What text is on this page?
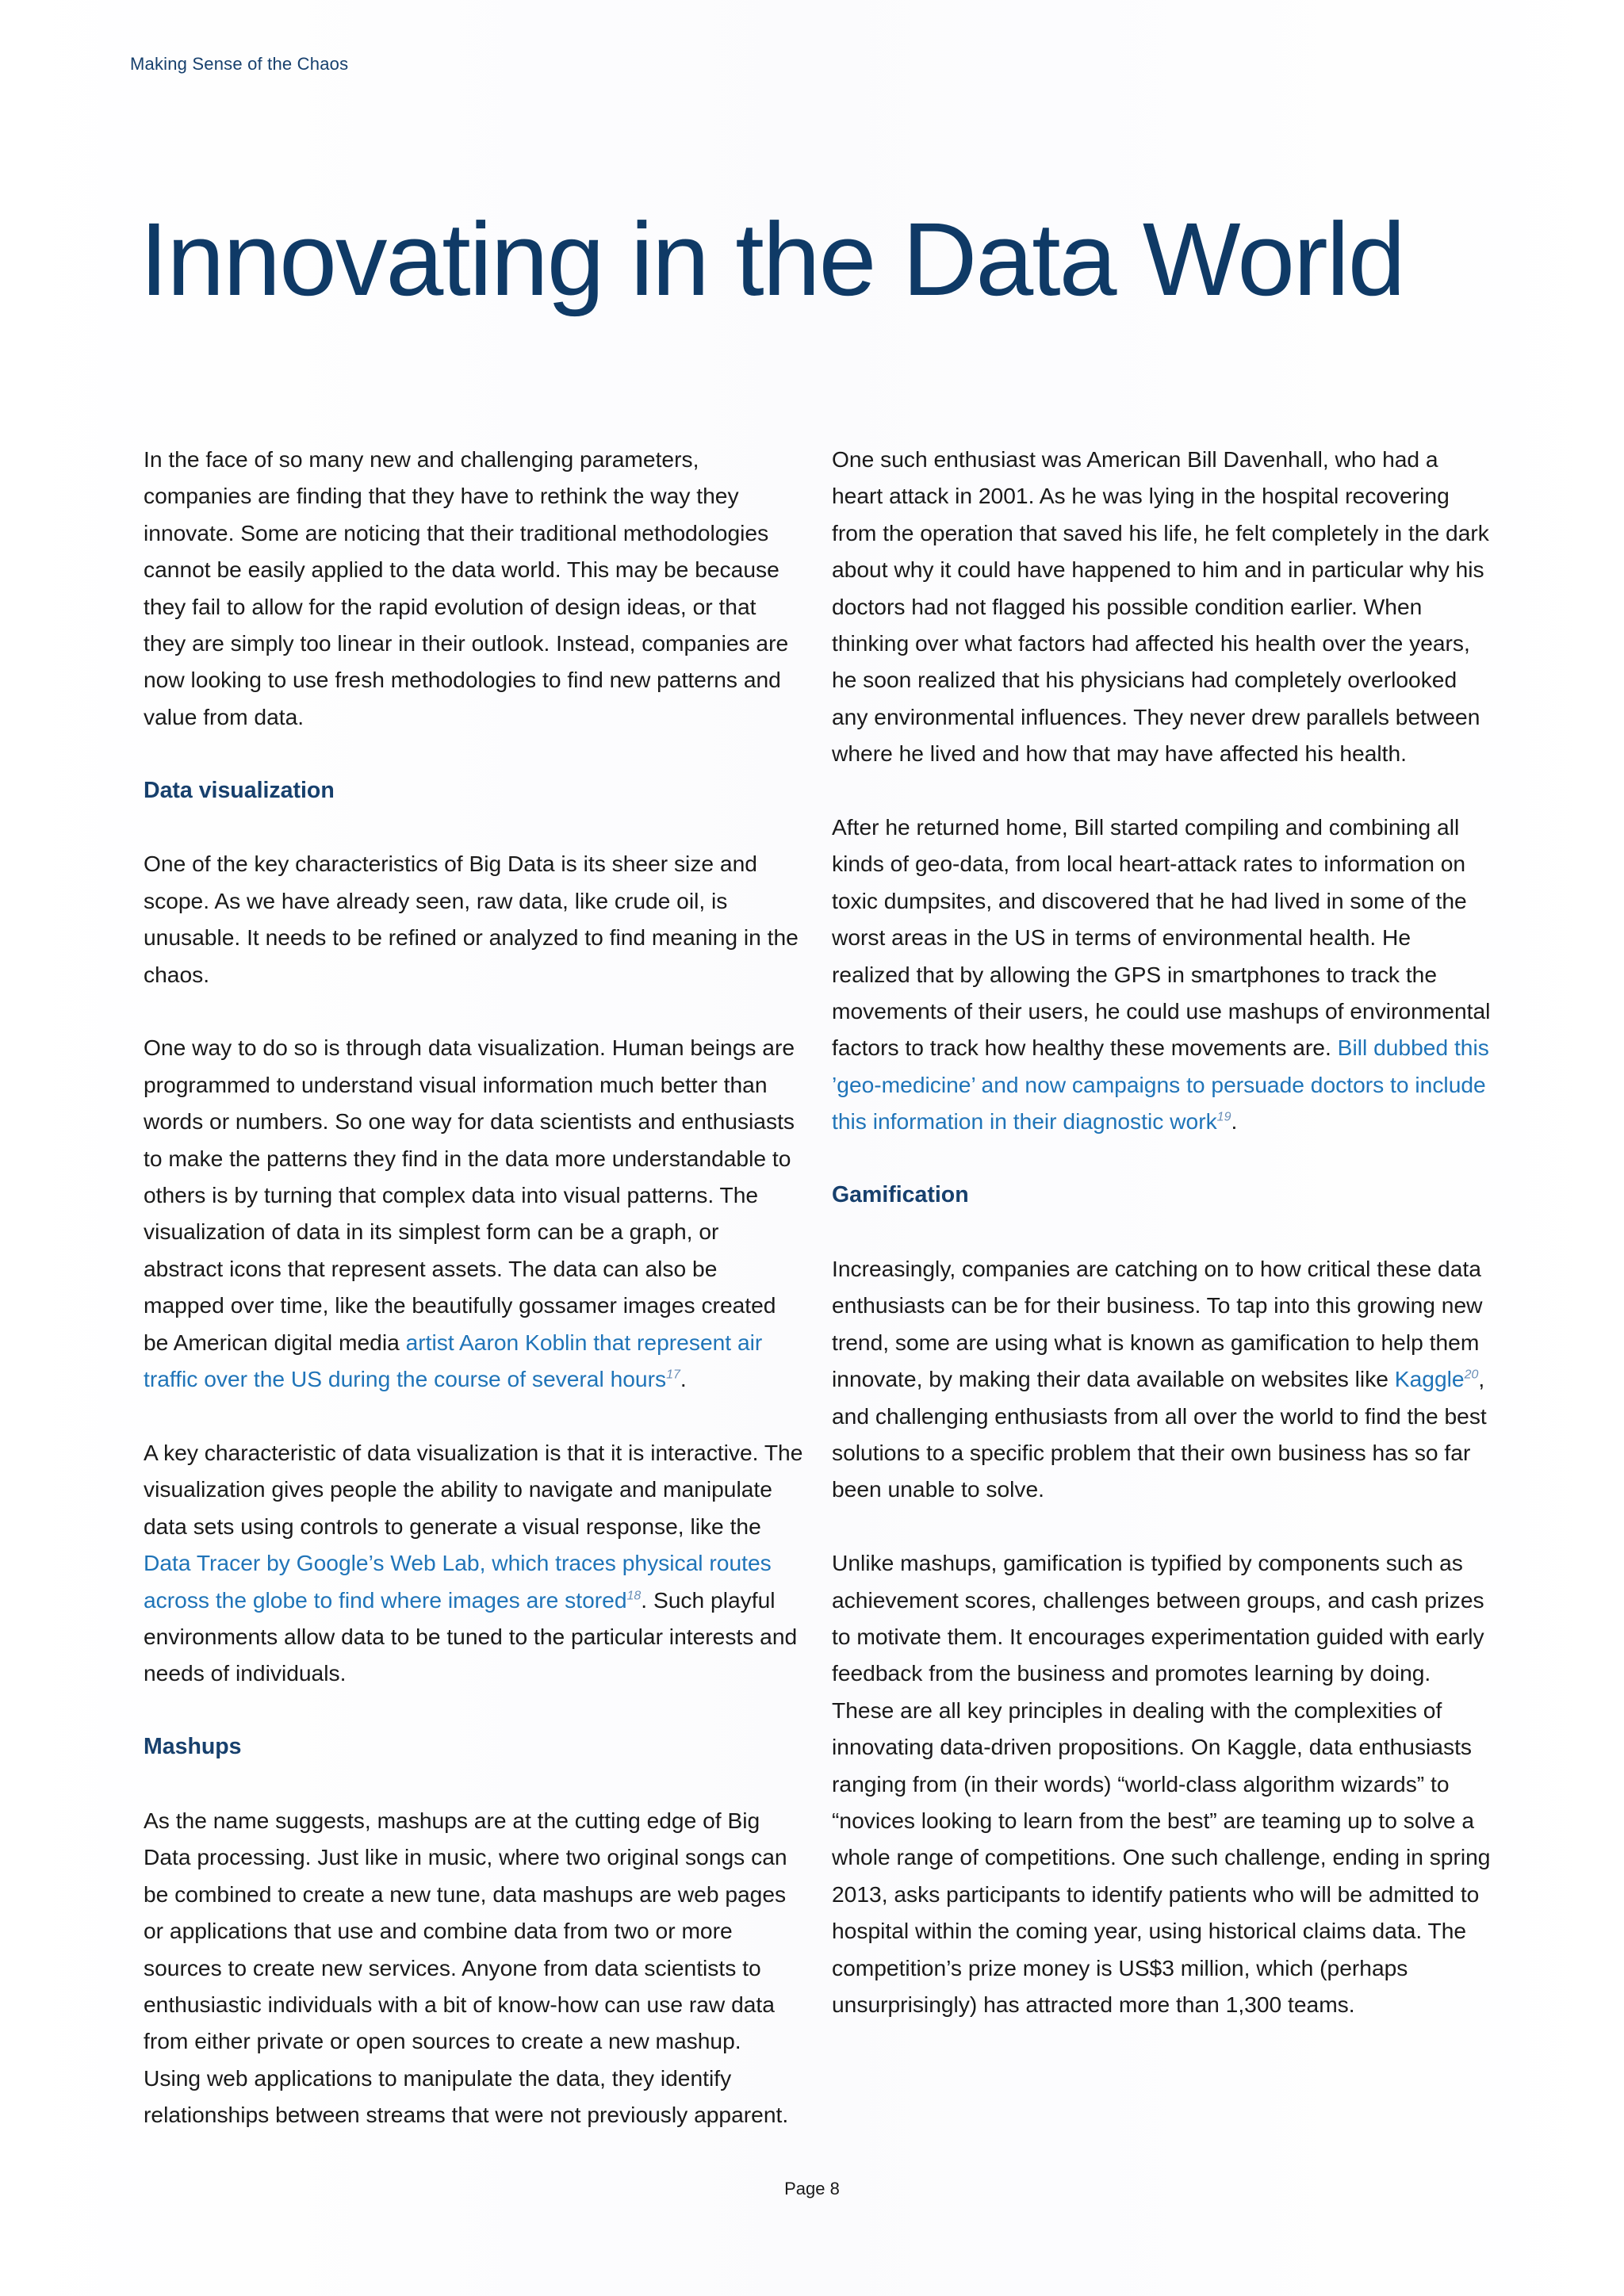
Making Sense of the Chaos
Innovating in the Data World

In the face of so many new and challenging parameters, companies are finding that they have to rethink the way they innovate. Some are noticing that their traditional methodologies cannot be easily applied to the data world. This may be because they fail to allow for the rapid evolution of design ideas, or that they are simply too linear in their outlook. Instead, companies are now looking to use fresh methodologies to find new patterns and value from data.

Data visualization

One of the key characteristics of Big Data is its sheer size and scope. As we have already seen, raw data, like crude oil, is unusable. It needs to be refined or analyzed to find meaning in the chaos.

One way to do so is through data visualization. Human beings are programmed to understand visual information much better than words or numbers. So one way for data scientists and enthusiasts to make the patterns they find in the data more understandable to others is by turning that complex data into visual patterns. The visualization of data in its simplest form can be a graph, or abstract icons that represent assets. The data can also be mapped over time, like the beautifully gossamer images created be American digital media artist Aaron Koblin that represent air traffic over the US during the course of several hours$^{17}$.

A key characteristic of data visualization is that it is interactive. The visualization gives people the ability to navigate and manipulate data sets using controls to generate a visual response, like the Data Tracer by Google’s Web Lab, which traces physical routes across the globe to find where images are stored$^{18}$. Such playful environments allow data to be tuned to the particular interests and needs of individuals.

Mashups

As the name suggests, mashups are at the cutting edge of Big Data processing. Just like in music, where two original songs can be combined to create a new tune, data mashups are web pages or applications that use and combine data from two or more sources to create new services. Anyone from data scientists to enthusiastic individuals with a bit of know-how can use raw data from either private or open sources to create a new mashup. Using web applications to manipulate the data, they identify relationships between streams that were not previously apparent.

One such enthusiast was American Bill Davenhall, who had a heart attack in 2001. As he was lying in the hospital recovering from the operation that saved his life, he felt completely in the dark about why it could have happened to him and in particular why his doctors had not flagged his possible condition earlier. When thinking over what factors had affected his health over the years, he soon realized that his physicians had completely overlooked any environmental influences. They never drew parallels between where he lived and how that may have affected his health.

After he returned home, Bill started compiling and combining all kinds of geo-data, from local heart-attack rates to information on toxic dumpsites, and discovered that he had lived in some of the worst areas in the US in terms of environmental health. He realized that by allowing the GPS in smartphones to track the movements of their users, he could use mashups of environmental factors to track how healthy these movements are. Bill dubbed this ’geo-medicine’ and now campaigns to persuade doctors to include this information in their diagnostic work$^{19}$.

Gamification

Increasingly, companies are catching on to how critical these data enthusiasts can be for their business. To tap into this growing new trend, some are using what is known as gamification to help them innovate, by making their data available on websites like Kaggle$^{20}$, and challenging enthusiasts from all over the world to find the best solutions to a specific problem that their own business has so far been unable to solve.

Unlike mashups, gamification is typified by components such as achievement scores, challenges between groups, and cash prizes to motivate them. It encourages experimentation guided with early feedback from the business and promotes learning by doing. These are all key principles in dealing with the complexities of innovating data-driven propositions. On Kaggle, data enthusiasts ranging from (in their words) “world-class algorithm wizards” to “novices looking to learn from the best” are teaming up to solve a whole range of competitions. One such challenge, ending in spring 2013, asks participants to identify patients who will be admitted to hospital within the coming year, using historical claims data. The competition’s prize money is US$3 million, which (perhaps unsurprisingly) has attracted more than 1,300 teams.

Page 8
